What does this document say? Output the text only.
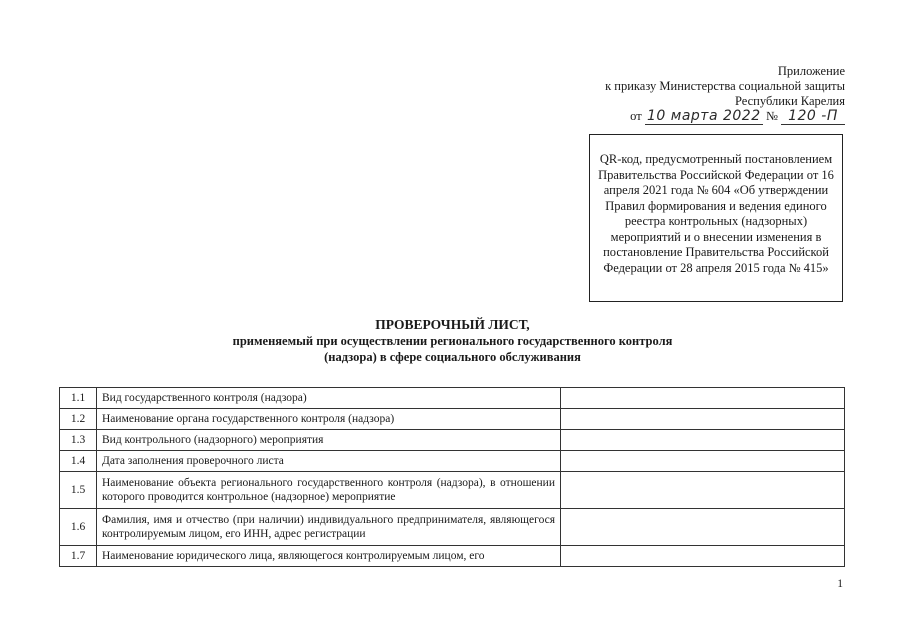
Приложение
к приказу Министерства социальной защиты
Республики Карелия
от 10 марта 2022 № 120 -П
QR-код, предусмотренный постановлением Правительства Российской Федерации от 16 апреля 2021 года № 604 «Об утверждении Правил формирования и ведения единого реестра контрольных (надзорных) мероприятий и о внесении изменения в постановление Правительства Российской Федерации от 28 апреля 2015 года № 415»
ПРОВЕРОЧНЫЙ ЛИСТ,
применяемый при осуществлении регионального государственного контроля
(надзора) в сфере социального обслуживания
1.1	Вид государственного контроля (надзора)	
1.2	Наименование органа государственного контроля (надзора)	
1.3	Вид контрольного (надзорного) мероприятия	
1.4	Дата заполнения проверочного листа	
1.5	Наименование объекта регионального государственного контроля (надзора), в отношении которого проводится контрольное (надзорное) мероприятие	
1.6	Фамилия, имя и отчество (при наличии) индивидуального предпринимателя, являющегося контролируемым лицом, его ИНН, адрес регистрации	
1.7	Наименование юридического лица, являющегося контролируемым лицом, его	
1
